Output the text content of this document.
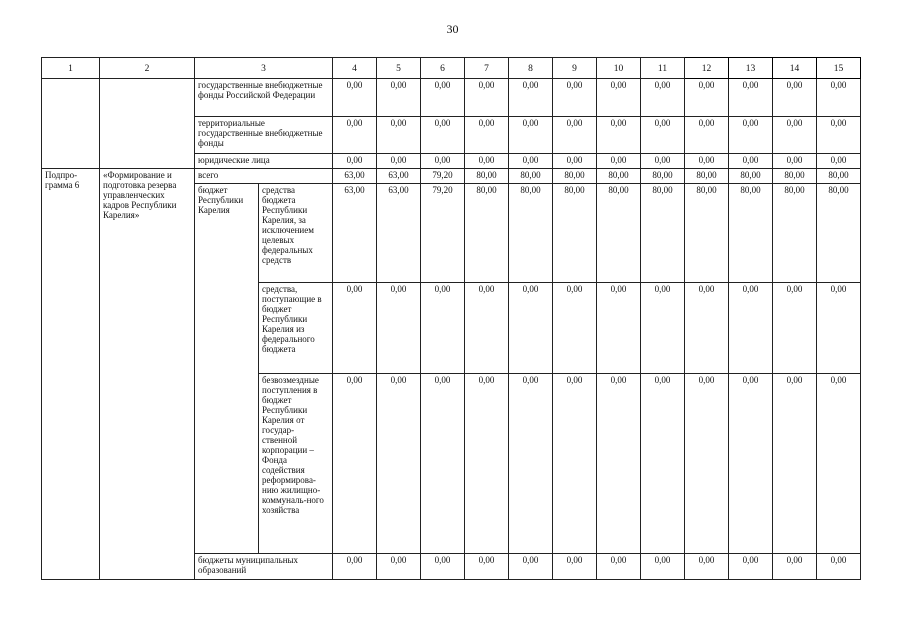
30
1	2	3		4	5	6	7	8	9	10	11	12	13	14	15
		государственные внебюджетные фонды Российской Федерации		0,00	0,00	0,00	0,00	0,00	0,00	0,00	0,00	0,00	0,00	0,00	0,00
		территориальные государственные внебюджетные фонды		0,00	0,00	0,00	0,00	0,00	0,00	0,00	0,00	0,00	0,00	0,00	0,00
		юридические лица		0,00	0,00	0,00	0,00	0,00	0,00	0,00	0,00	0,00	0,00	0,00	0,00
Подпро-грамма 6	«Формирование и подготовка резерва управленческих кадров Республики Карелия»	всего		63,00	63,00	79,20	80,00	80,00	80,00	80,00	80,00	80,00	80,00	80,00	80,00
		бюджет Республики Карелия	средства бюджета Республики Карелия, за исключением целевых федеральных средств	63,00	63,00	79,20	80,00	80,00	80,00	80,00	80,00	80,00	80,00	80,00	80,00
			средства, поступающие в бюджет Республики Карелия из федерального бюджета	0,00	0,00	0,00	0,00	0,00	0,00	0,00	0,00	0,00	0,00	0,00	0,00
			безвозмездные поступления в бюджет Республики Карелия от государ-ственной корпорации – Фонда содействия реформирова-нию жилищно-коммуналь-ного хозяйства	0,00	0,00	0,00	0,00	0,00	0,00	0,00	0,00	0,00	0,00	0,00	0,00
		бюджеты муниципальных образований		0,00	0,00	0,00	0,00	0,00	0,00	0,00	0,00	0,00	0,00	0,00	0,00
